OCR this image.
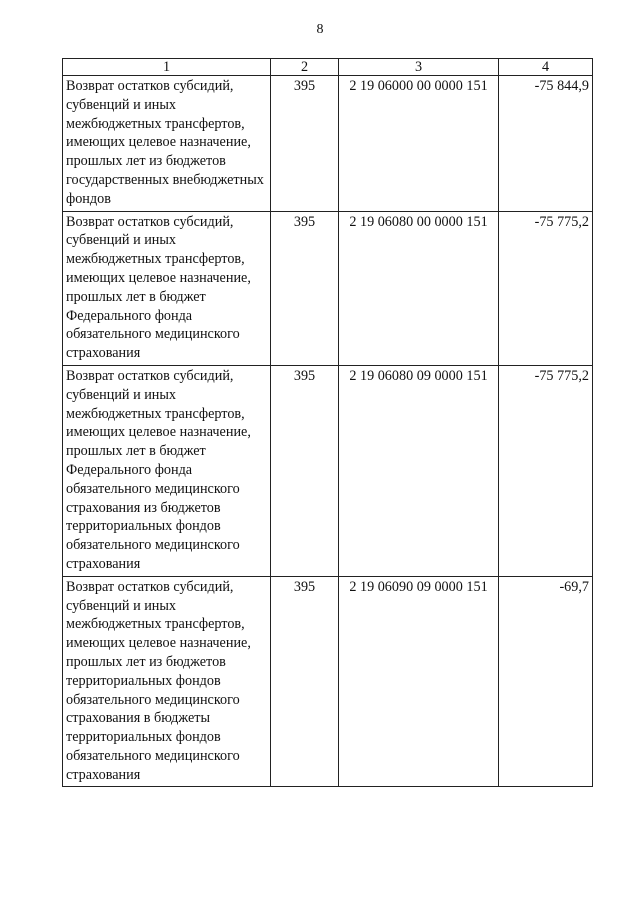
8
1	2	3	4
Возврат остатков субсидий, субвенций и иных межбюджетных трансфертов, имеющих целевое назначение, прошлых лет из бюджетов государственных внебюджетных фондов	395	2 19 06000 00 0000 151	-75 844,9
Возврат остатков субсидий, субвенций и иных межбюджетных трансфертов, имеющих целевое назначение, прошлых лет в бюджет Федерального фонда обязательного медицинского страхования	395	2 19 06080 00 0000 151	-75 775,2
Возврат остатков субсидий, субвенций и иных межбюджетных трансфертов, имеющих целевое назначение, прошлых лет в бюджет Федерального фонда обязательного медицинского страхования из бюджетов территориальных фондов обязательного медицинского страхования	395	2 19 06080 09 0000 151	-75 775,2
Возврат остатков субсидий, субвенций и иных межбюджетных трансфертов, имеющих целевое назначение, прошлых лет из бюджетов территориальных фондов обязательного медицинского страхования в бюджеты территориальных фондов обязательного медицинского страхования	395	2 19 06090 09 0000 151	-69,7
